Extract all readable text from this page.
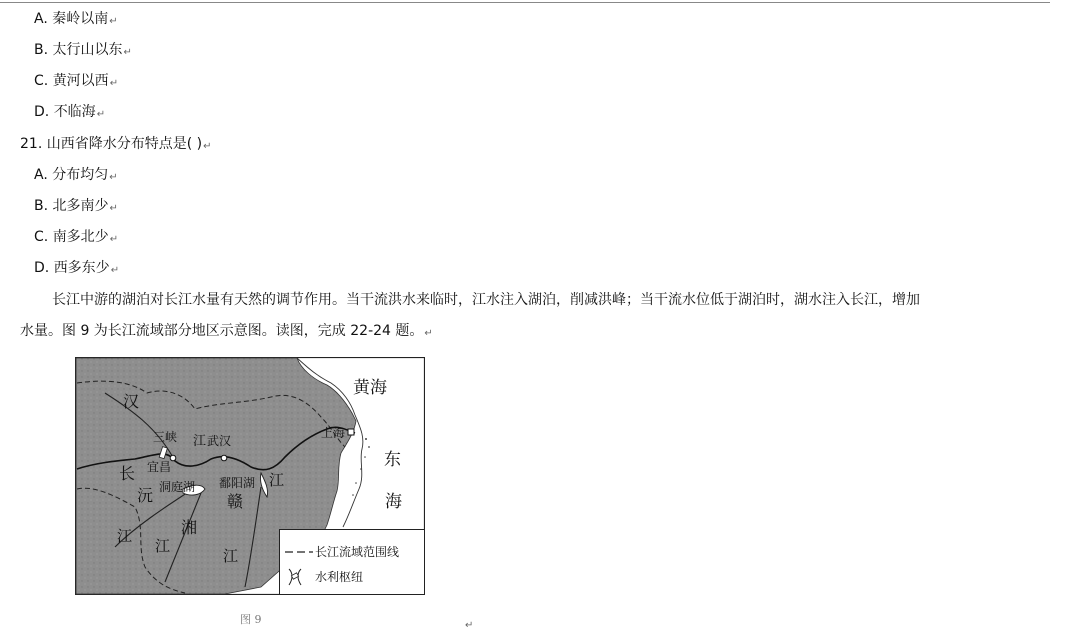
A. 秦岭以南↵
B. 太行山以东↵
C. 黄河以西↵
D. 不临海↵
21. 山西省降水分布特点是( )↵
A. 分布均匀↵
B. 北多南少↵
C. 南多北少↵
D. 西多东少↵
长江中游的湖泊对长江水量有天然的调节作用。当干流洪水来临时，江水注入湖泊，削减洪峰；当干流水位低于湖泊时，湖水注入长江，增加
水量。图 9 为长江流域部分地区示意图。读图，完成 22-24 题。↵
黄海
东
海
上海
三峡 江 武汉
汉
长 宜昌
沅 洞庭湖 鄱阳湖
赣
江
湘
江
江
江	长江流域范围线
水利枢纽
图 9	↵
